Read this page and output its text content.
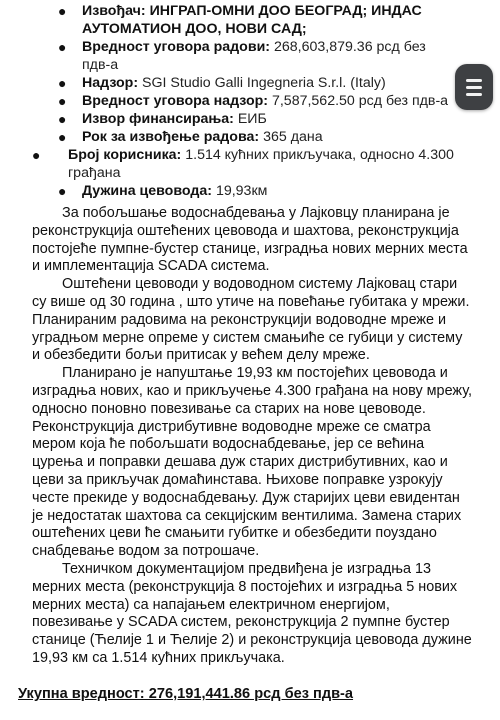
● Извођач: ИНГРАП-ОМНИ ДОО БЕОГРАД; ИНДАС АУТОМАТИОН ДОО, НОВИ САД;
● Вредност уговора радови: 268,603,879.36 рсд без пдв-а
● Надзор: SGI Studio Galli Ingegneria S.r.l. (Italy)
● Вредност уговора надзор: 7,587,562.50 рсд без пдв-а
● Извор финансирања: ЕИБ
● Рок за извођење радова: 365 дана
● Број корисника: 1.514 кућних прикључака, односно 4.300 грађана
● Дужина цевовода: 19,93км

За побољшање водоснабдевања у Лајковцу планирана је реконструкција оштећених цевовода и шахтова, реконструкција постојеће пумпне-бустер станице, изградња нових мерних места и имплементација SCADA система.

Оштећени цевоводи у водоводном систему Лајковац стари су више од 30 година , што утиче на повећање губитака у мрежи. Планираним радовима на реконструкцији водоводне мреже и уградњом мерне опреме у систем смањиће се губици у систему и обезбедити бољи притисак у већем делу мреже.

Планирано је напуштање 19,93 км постојећих цевовода и изградња нових, као и прикључење 4.300 грађана на нову мрежу, односно поновно повезивање са старих на нове цевоводе. Реконструкција дистрибутивне водоводне мреже се сматра мером која ће побољшати водоснабдевање, јер се већина цурења и поправки дешава дуж старих дистрибутивних, као и цеви за прикључак домаћинстава. Њихове поправке узрокују честе прекиде у водоснабдевању. Дуж старијих цеви евидентан је недостатак шахтова са секцијским вентилима. Замена старих оштећених цеви ће смањити губитке и обезбедити поуздано снабдевање водом за потрошаче.

Техничком документацијом предвиђена је изградња 13 мерних места (реконструкција 8 постојећих и изградња 5 нових мерних места) са напајањем електричном енергијом, повезивање у SCADA систем, реконструкција 2 пумпне бустер станице (Ћелије 1 и Ћелије 2) и реконструкција цевовода дужине 19,93 км са 1.514 кућних прикључака.

Укупна вредност: 276,191,441.86 рсд без пдв-а
